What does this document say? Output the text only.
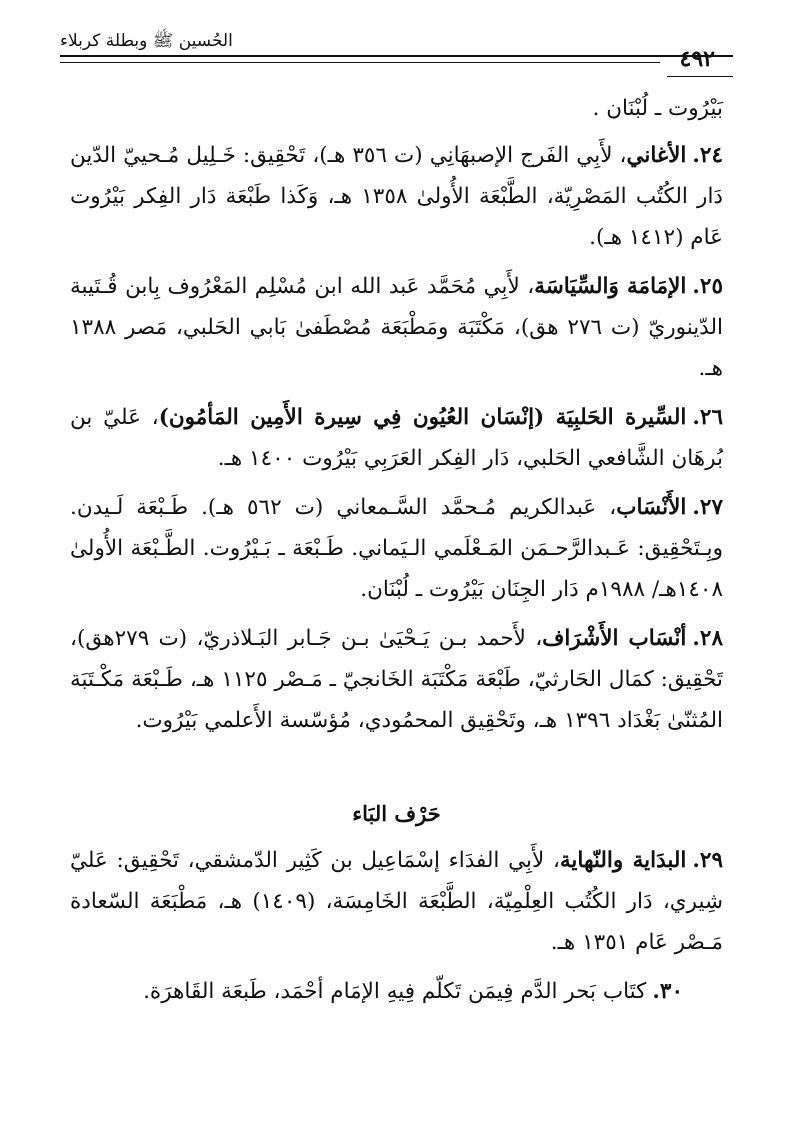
الحُسين ﷺ وبطلة كربلاء
٤٩٢

بَيْرُوت ـ لُبْنَان .

٢٤.الأغاني، لأَبِي الفَرج الإصبهَانِي (ت ٣٥٦ هـ)، تَحْقِيق: خَـلِيل مُـحييّ الدّين دَار الكُتُب المَصْرِيّة، الطَّبْعَة الأُولىٰ ١٣٥٨ هـ، وَكَذا طَبْعَة دَار الفِكر بَيْرُوت عَام (١٤١٢ هـ).

٢٥.الإمَامَة وَالسِّيَاسَة، لأَبِي مُحَمَّد عَبد الله ابن مُسْلِم المَعْرُوف بِابن قُـتَيبة الدّينوريّ (ت ٢٧٦ هق)، مَكْتَبَة ومَطْبَعَة مُصْطَفىٰ بَابي الحَلبي، مَصر ١٣٨٨ هـ.

٢٦.السِّيرة الحَلبِيَة (إنْسَان العُيُون فِي سِيرة الأَمِين المَأمُون)، عَليّ بن بُرهَان الشَّافعي الحَلبي، دَار الفِكر العَرَبِي بَيْرُوت ١٤٠٠ هـ.

٢٧.الأَنْسَاب، عَبدالكريم مُـحمَّد السَّـمعاني (ت ٥٦٢ هـ). طَـبْعَة لَـيدن. وبِـتَحْقِيق: عَـبدالرَّحـمَن المَـعْلَمي الـيَماني. طَـبْعَة ـ بَـيْرُوت. الطَّـبْعَة الأُولىٰ ١٤٠٨هـ/ ١٩٨٨م دَار الجِنَان بَيْرُوت ـ لُبْنَان.

٢٨.أنْسَاب الأَشْرَاف، لأَحمد بـن يَـحْيَىٰ بـن جَـابر البَـلاذريّ، (ت ٢٧٩هق)، تَحْقِيق: كمَال الحَارثيّ، طَبْعَة مَكْتَبَة الخَانجيّ ـ مَـصْر ١١٢٥ هـ، طَـبْعَة مَكْـتَبَة المُثنّىٰ بَغْدَاد ١٣٩٦ هـ، وتَحْقِيق المحمُودي، مُؤسّسة الأَعلمي بَيْرُوت.

حَرْف البَاء

٢٩.البدَاية والنّهاية، لأَبِي الفدَاء إسْمَاعِيل بن كَثِير الدّمشقي، تَحْقِيق: عَليّ شِيري، دَار الكُتُب العِلْمِيّة، الطَّبْعَة الخَامِسَة، (١٤٠٩) هـ، مَطْبَعَة السّعادة مَـصْر عَام ١٣٥١ هـ.

٣٠.كتَاب بَحر الدَّم فِيمَن تَكلّم فِيهِ الإمَام أحْمَد، طَبعَة القَاهرَة.
